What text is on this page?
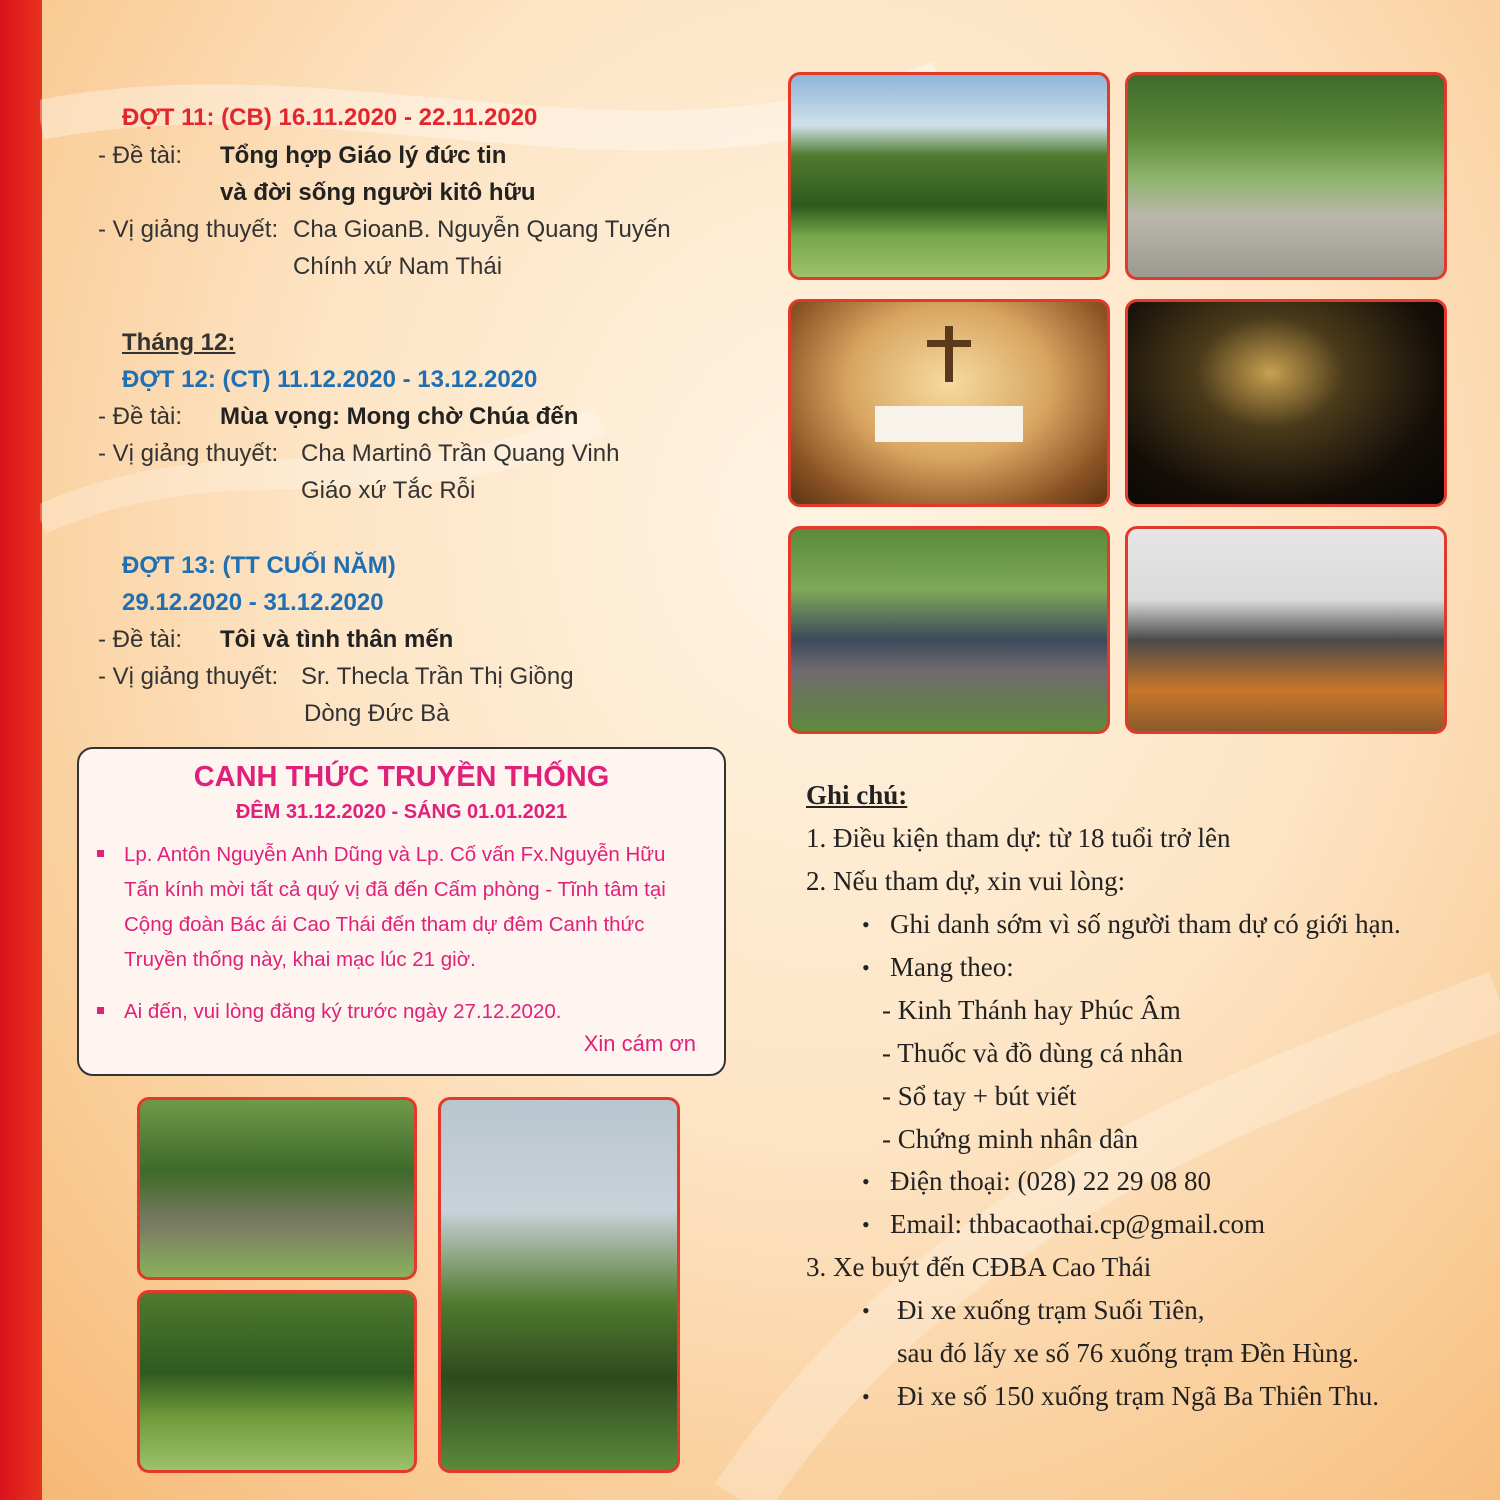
ĐỢT 11: (CB) 16.11.2020 - 22.11.2020
- Đề tài: Tổng hợp Giáo lý đức tin
và đời sống người kitô hữu
- Vị giảng thuyết: Cha GioanB. Nguyễn Quang Tuyến
Chính xứ Nam Thái
Tháng 12:
ĐỢT 12: (CT) 11.12.2020 - 13.12.2020
- Đề tài: Mùa vọng: Mong chờ Chúa đến
- Vị giảng thuyết: Cha Martinô Trần Quang Vinh
Giáo xứ Tắc Rỗi
ĐỢT 13: (TT CUỐI NĂM)
29.12.2020 - 31.12.2020
- Đề tài: Tôi và tình thân mến
- Vị giảng thuyết: Sr. Thecla Trần Thị Giồng
Dòng Đức Bà
CANH THỨC TRUYỀN THỐNG
ĐÊM 31.12.2020 - SÁNG 01.01.2021
Lp. Antôn Nguyễn Anh Dũng và Lp. Cố vấn Fx.Nguyễn Hữu Tấn kính mời tất cả quý vị đã đến Cấm phòng - Tĩnh tâm tại Cộng đoàn Bác ái Cao Thái đến tham dự đêm Canh thức Truyền thống này, khai mạc lúc 21 giờ.
Ai đến, vui lòng đăng ký trước ngày 27.12.2020.
Xin cám ơn
Ghi chú:
1. Điều kiện tham dự: từ 18 tuổi trở lên
2. Nếu tham dự, xin vui lòng:
• Ghi danh sớm vì số người tham dự có giới hạn.
• Mang theo:
- Kinh Thánh hay Phúc Âm
- Thuốc và đồ dùng cá nhân
- Sổ tay + bút viết
- Chứng minh nhân dân
• Điện thoại: (028) 22 29 08 80
• Email: thbacaothai.cp@gmail.com
3. Xe buýt đến CĐBA Cao Thái
• Đi xe xuống trạm Suối Tiên,
sau đó lấy xe số 76 xuống trạm Đền Hùng.
• Đi xe số 150 xuống trạm Ngã Ba Thiên Thu.
